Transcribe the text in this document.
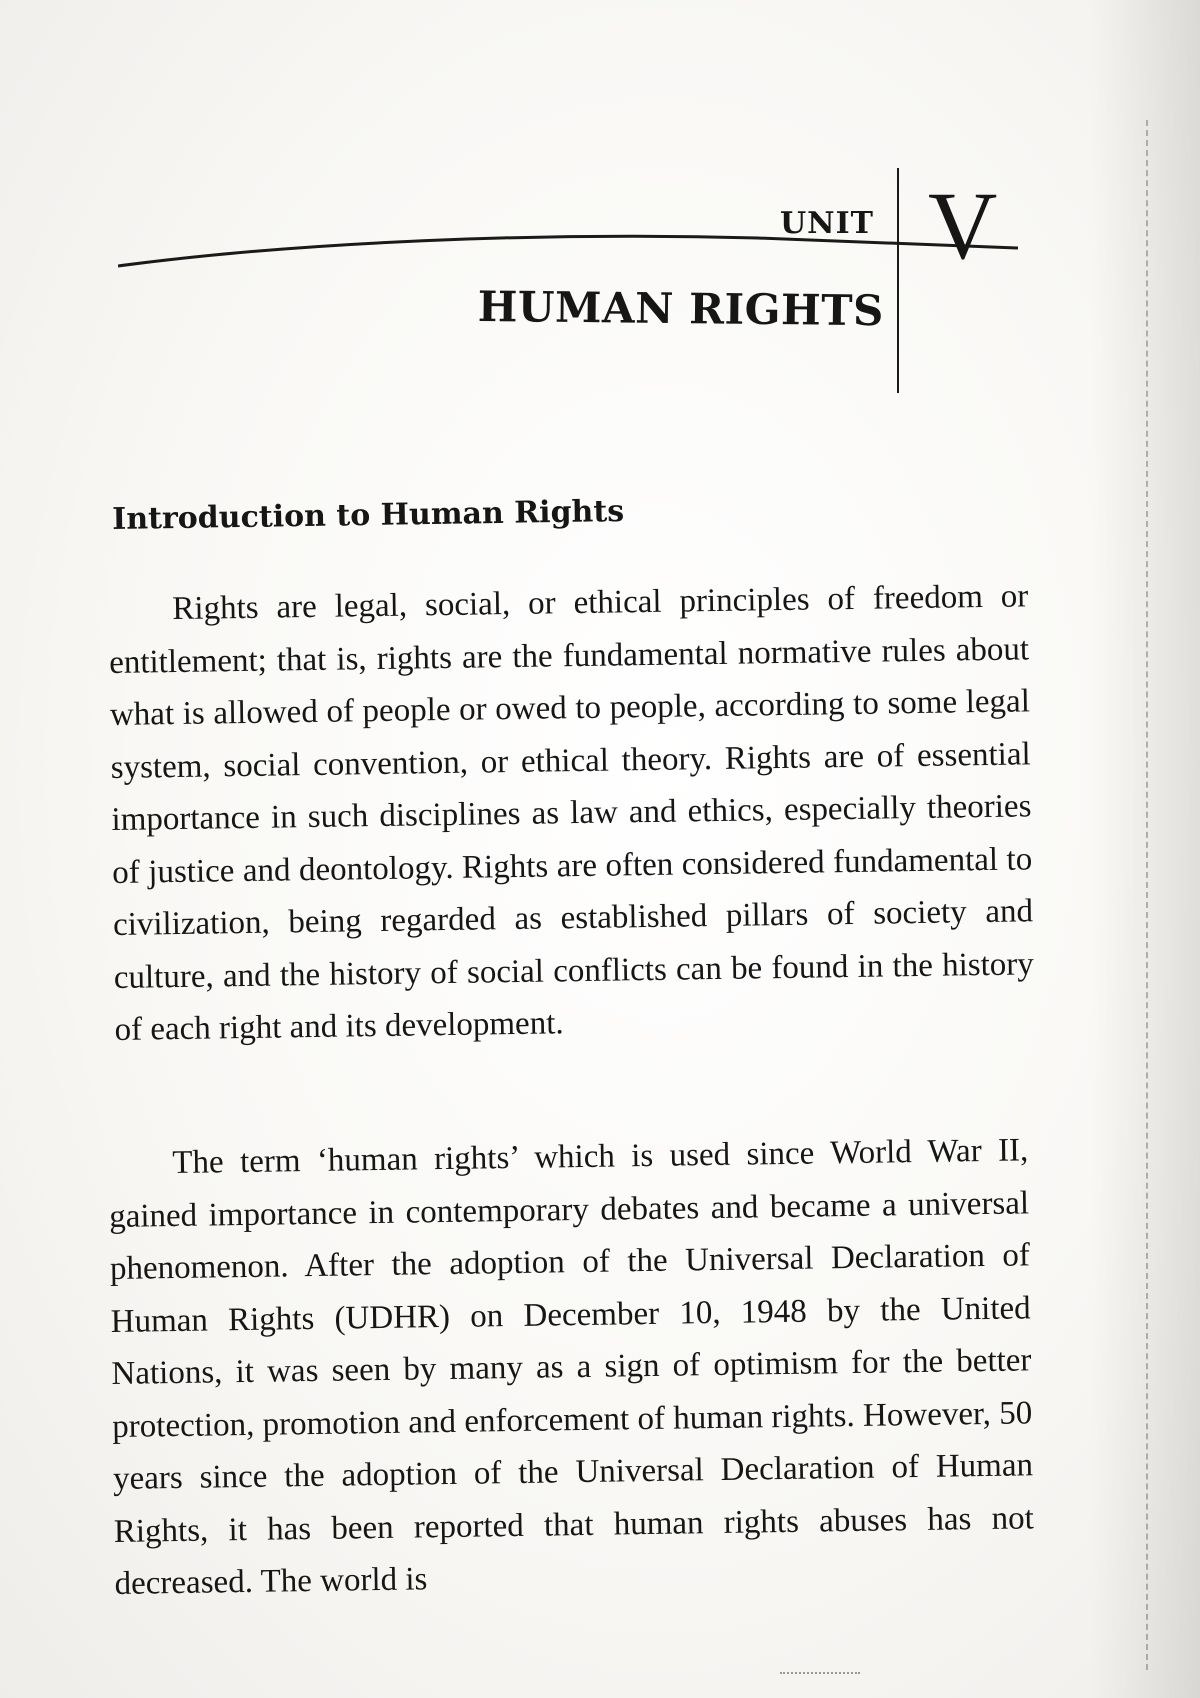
UNIT V
HUMAN RIGHTS
Introduction to Human Rights

Rights are legal, social, or ethical principles of freedom or entitlement; that is, rights are the fundamental normative rules about what is allowed of people or owed to people, according to some legal system, social convention, or ethical theory. Rights are of essential importance in such disciplines as law and ethics, especially theories of justice and deontology. Rights are often considered fundamental to civilization, being regarded as established pillars of society and culture, and the history of social conflicts can be found in the history of each right and its development.

The term ‘human rights’ which is used since World War II, gained importance in contemporary debates and became a universal phenomenon. After the adoption of the Universal Declaration of Human Rights (UDHR) on December 10, 1948 by the United Nations, it was seen by many as a sign of optimism for the better protection, promotion and enforcement of human rights. However, 50 years since the adoption of the Universal Declaration of Human Rights, it has been reported that human rights abuses has not decreased. The world is
